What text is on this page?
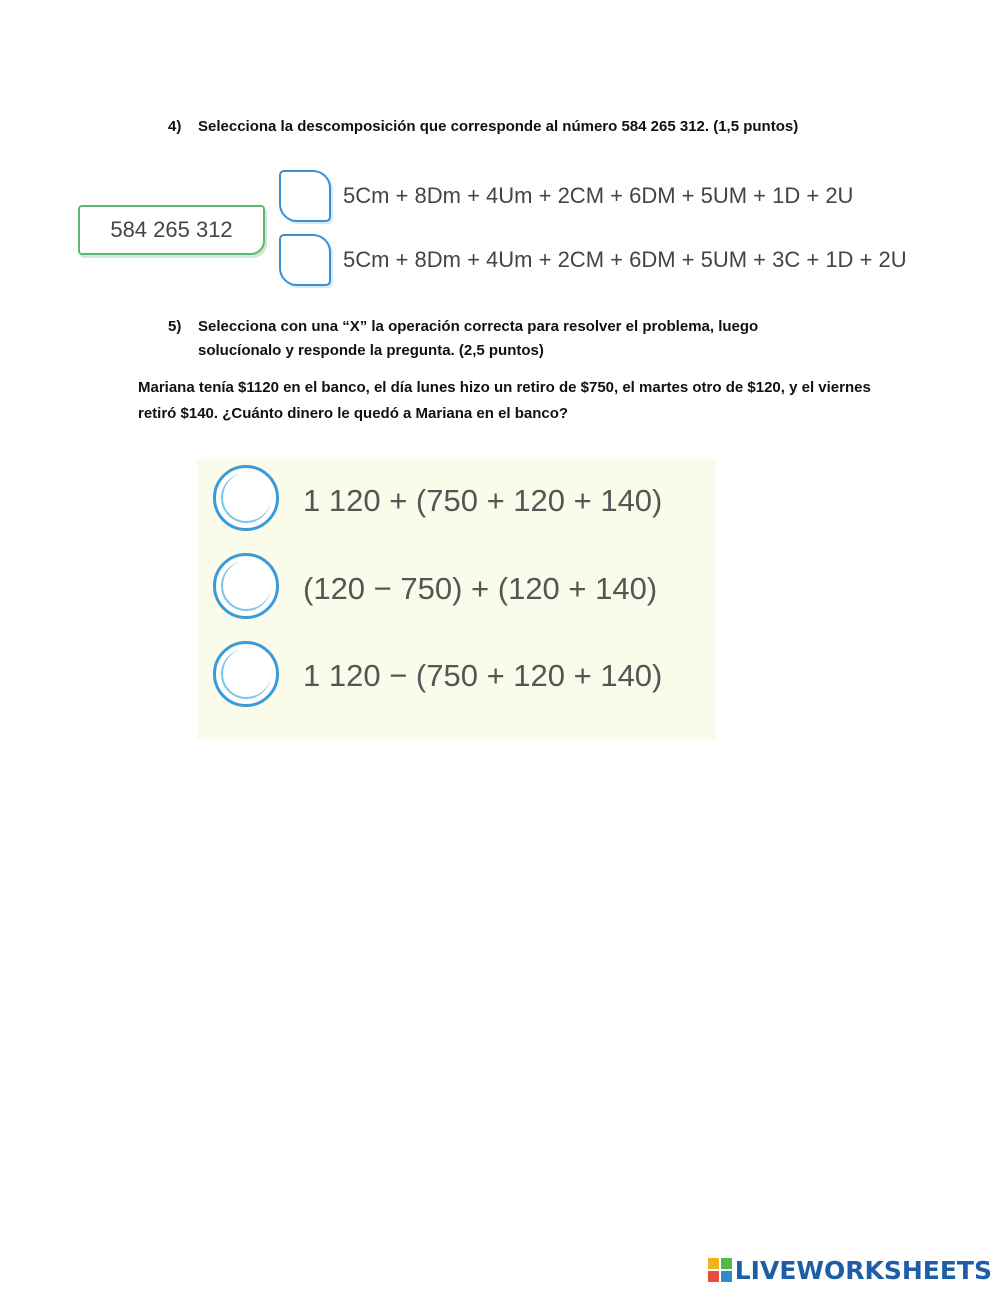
4) Selecciona la descomposición que corresponde al número 584 265 312. (1,5 puntos)
584 265 312
5Cm + 8Dm + 4Um + 2CM + 6DM + 5UM + 1D + 2U
5Cm + 8Dm + 4Um + 2CM + 6DM + 5UM + 3C + 1D + 2U
5) Selecciona con una “X” la operación correcta para resolver el problema, luego solucíonalo y responde la pregunta. (2,5 puntos)
Mariana tenía $1120 en el banco, el día lunes hizo un retiro de $750, el martes otro de $120, y el viernes retiró $140. ¿Cuánto dinero le quedó a Mariana en el banco?
1 120 + (750 + 120 + 140)
(120 − 750) + (120 + 140)
1 120 − (750 + 120 + 140)
LIVEWORKSHEETS
